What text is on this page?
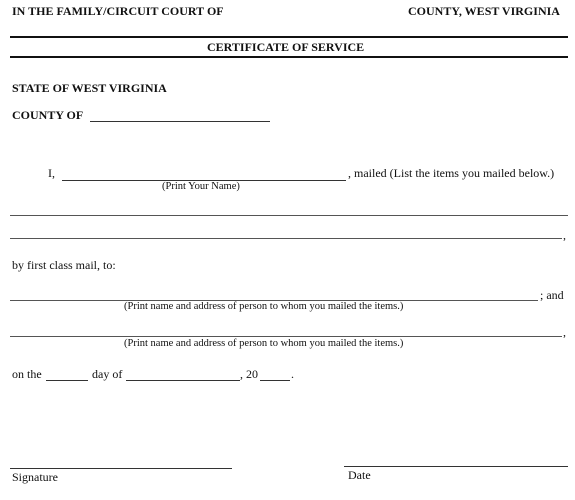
IN THE FAMILY/CIRCUIT COURT OF	COUNTY, WEST VIRGINIA
CERTIFICATE OF SERVICE
STATE OF WEST VIRGINIA
COUNTY OF
I,	, mailed (List the items you mailed below.)
(Print Your Name)
,
by first class mail, to:
; and
(Print name and address of person to whom you mailed the items.)
,
(Print name and address of person to whom you mailed the items.)
on the	day of	, 20	.
Signature	Date
